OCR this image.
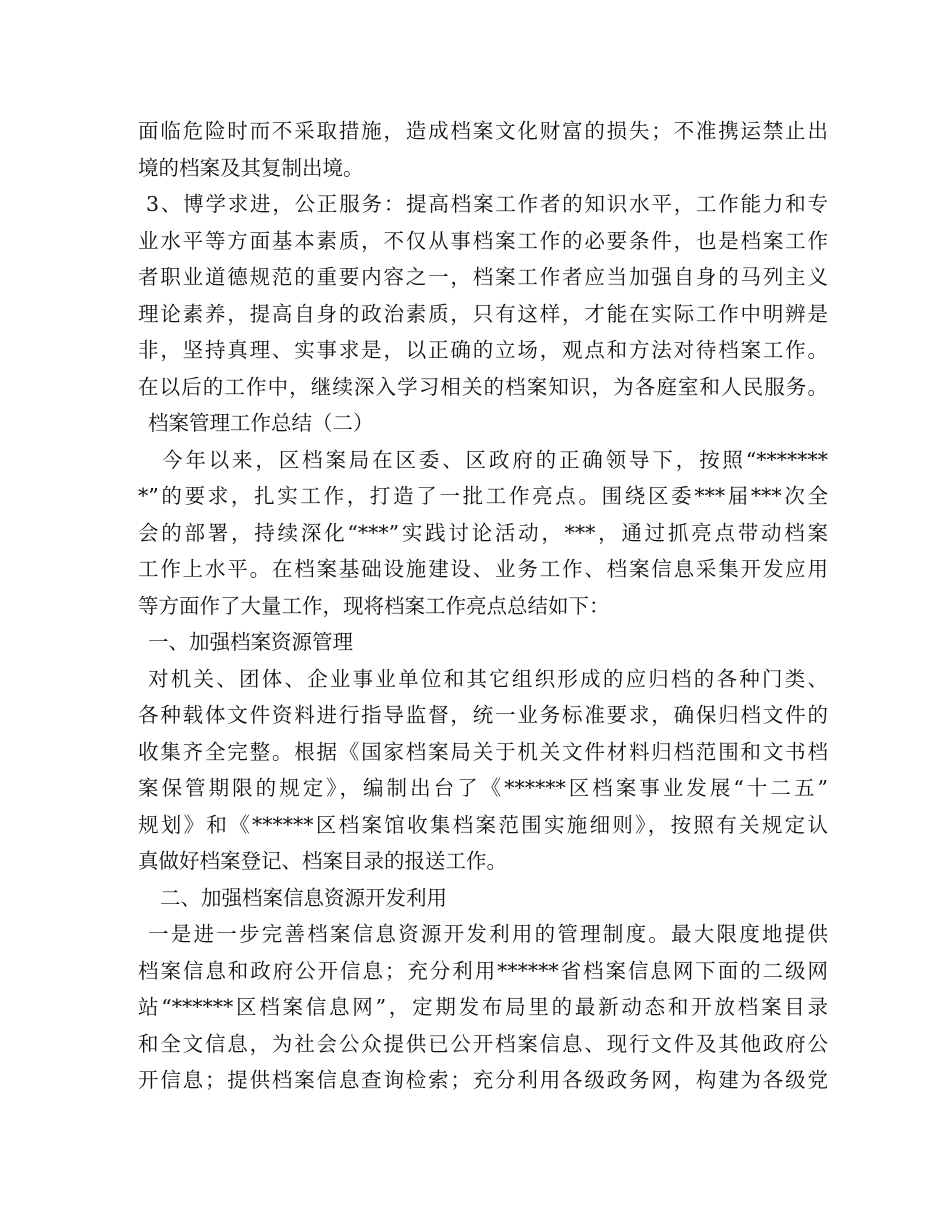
面临危险时而不采取措施，造成档案文化财富的损失；不准携运禁止出
境的档案及其复制出境。
3、博学求进，公正服务：提高档案工作者的知识水平，工作能力和专
业水平等方面基本素质，不仅从事档案工作的必要条件，也是档案工作
者职业道德规范的重要内容之一，档案工作者应当加强自身的马列主义
理论素养，提高自身的政治素质，只有这样，才能在实际工作中明辨是
非，坚持真理、实事求是，以正确的立场，观点和方法对待档案工作。
在以后的工作中，继续深入学习相关的档案知识，为各庭室和人民服务。
档案管理工作总结（二）
今年以来，区档案局在区委、区政府的正确领导下，按照“*******
*”的要求，扎实工作，打造了一批工作亮点。围绕区委***届***次全
会的部署，持续深化“***”实践讨论活动，***，通过抓亮点带动档案
工作上水平。在档案基础设施建设、业务工作、档案信息采集开发应用
等方面作了大量工作，现将档案工作亮点总结如下：
一、加强档案资源管理
对机关、团体、企业事业单位和其它组织形成的应归档的各种门类、
各种载体文件资料进行指导监督，统一业务标准要求，确保归档文件的
收集齐全完整。根据《国家档案局关于机关文件材料归档范围和文书档
案保管期限的规定》，编制出台了《******区档案事业发展“十二五”
规划》和《******区档案馆收集档案范围实施细则》，按照有关规定认
真做好档案登记、档案目录的报送工作。
二、加强档案信息资源开发利用
一是进一步完善档案信息资源开发利用的管理制度。最大限度地提供
档案信息和政府公开信息；充分利用******省档案信息网下面的二级网
站“******区档案信息网”，定期发布局里的最新动态和开放档案目录
和全文信息，为社会公众提供已公开档案信息、现行文件及其他政府公
开信息；提供档案信息查询检索；充分利用各级政务网，构建为各级党
